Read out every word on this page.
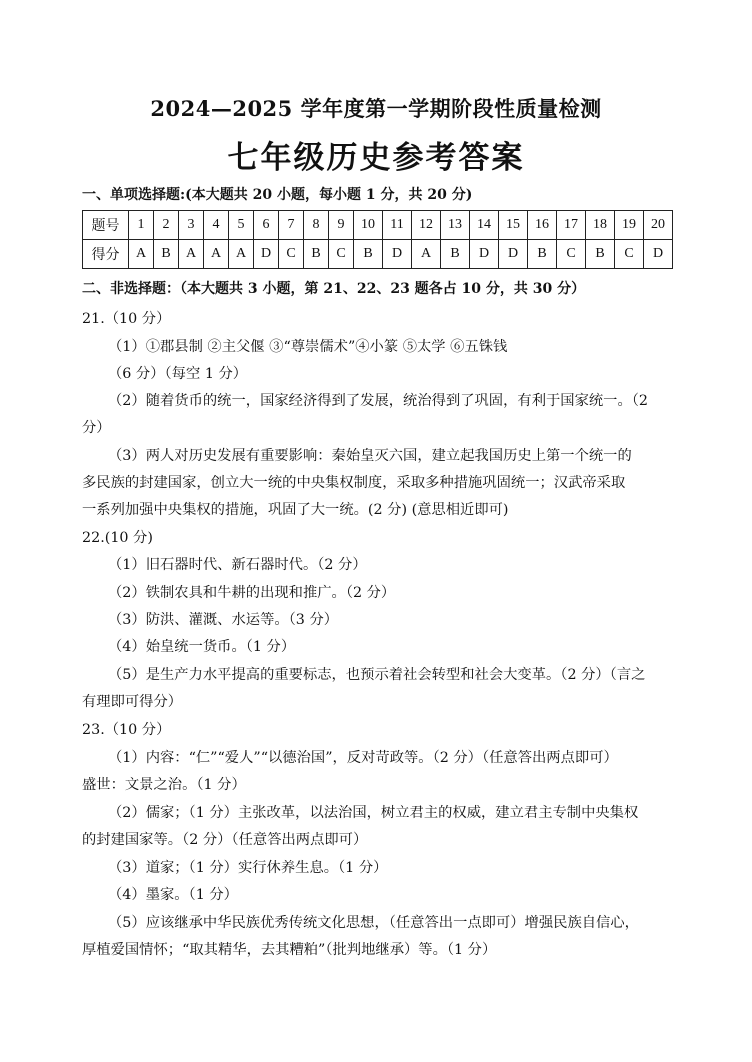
2024—2025 学年度第一学期阶段性质量检测
七年级历史参考答案
一、单项选择题:(本大题共 20 小题，每小题 1 分，共 20 分)
题号	1	2	3	4	5	6	7	8	9	10	11	12	13	14	15	16	17	18	19	20
得分	A	B	A	A	A	D	C	B	C	B	D	A	B	D	D	B	C	B	C	D
二、非选择题：（本大题共 3 小题，第 21、22、23 题各占 10 分，共 30 分）
21.（10 分）
（1）①郡县制 ②主父偃 ③“尊崇儒术”④小篆 ⑤太学 ⑥五铢钱
（6 分）（每空 1 分）
（2）随着货币的统一，国家经济得到了发展，统治得到了巩固，有利于国家统一。（2
分）
（3）两人对历史发展有重要影响：秦始皇灭六国，建立起我国历史上第一个统一的
多民族的封建国家，创立大一统的中央集权制度，采取多种措施巩固统一；汉武帝采取
一系列加强中央集权的措施，巩固了大一统。(2 分) (意思相近即可)
22.(10 分)
（1）旧石器时代、新石器时代。（2 分）
（2）铁制农具和牛耕的出现和推广。（2 分）
（3）防洪、灌溉、水运等。（3 分）
（4）始皇统一货币。（1 分）
（5）是生产力水平提高的重要标志，也预示着社会转型和社会大变革。（2 分）（言之
有理即可得分）
23.（10 分）
（1）内容：“仁”“爱人”“以德治国”，反对苛政等。（2 分）（任意答出两点即可）
盛世：文景之治。（1 分）
（2）儒家；（1 分）主张改革，以法治国，树立君主的权威，建立君主专制中央集权
的封建国家等。（2 分）（任意答出两点即可）
（3）道家；（1 分）实行休养生息。（1 分）
（4）墨家。（1 分）
（5）应该继承中华民族优秀传统文化思想，（任意答出一点即可）增强民族自信心，
厚植爱国情怀；“取其精华，去其糟粕”（批判地继承）等。（1 分）
